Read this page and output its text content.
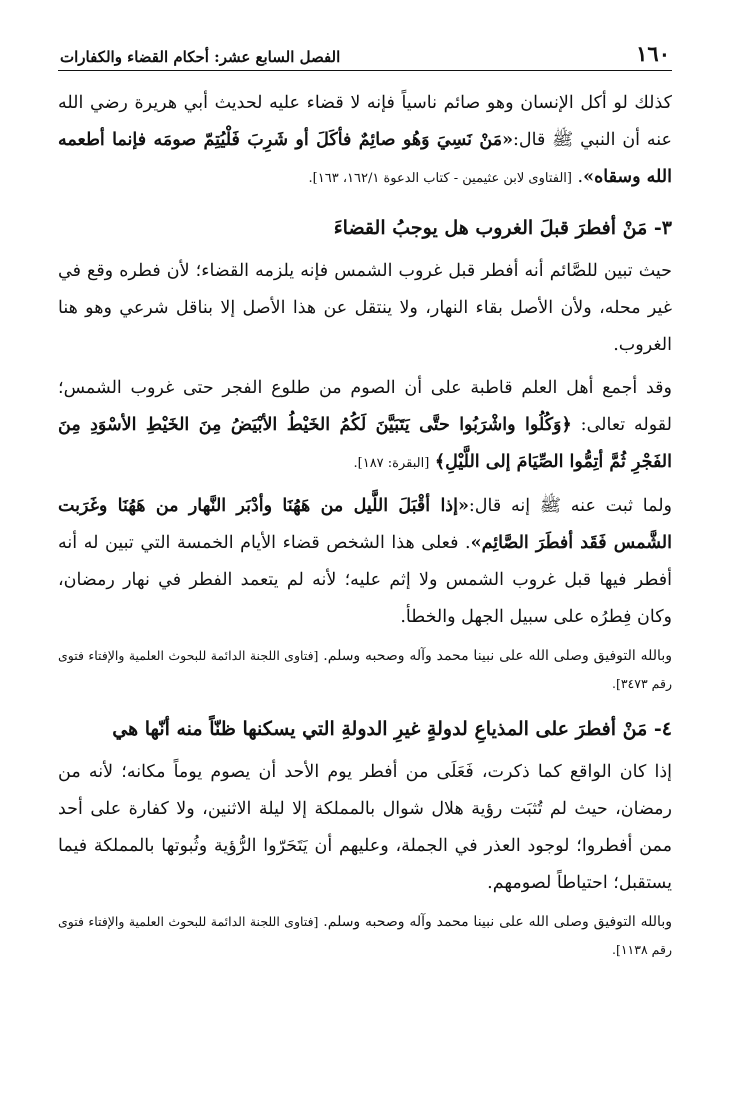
١٦٠
الفصل السابع عشر: أحكام القضاء والكفارات

كذلك لو أكل الإنسان وهو صائم ناسياً فإنه لا قضاء عليه لحديث أبي هريرة رضي الله عنه أن النبي ﷺ قال:«مَنْ نَسِيَ وَهُو صائِمٌ فأكَلَ أو شَرِبَ فَلْيُتِمّ صومَه فإنما أطعمه الله وسقاه». [الفتاوى لابن عثيمين - كتاب الدعوة ١٦٢/١، ١٦٣].

٣- مَنْ أفطرَ قبلَ الغروب هل يوجبُ القضاءَ

حيث تبين للصَّائم أنه أفطر قبل غروب الشمس فإنه يلزمه القضاء؛ لأن فطره وقع في غير محله، ولأن الأصل بقاء النهار، ولا ينتقل عن هذا الأصل إلا بناقل شرعي وهو هنا الغروب.

وقد أجمع أهل العلم قاطبة على أن الصوم من طلوع الفجر حتى غروب الشمس؛ لقوله تعالى: ﴿وَكُلُوا واشْرَبُوا حتَّى يَتَبَيَّنَ لَكُمُ الخَيْطُ الأبْيَضُ مِنَ الخَيْطِ الأسْوَدِ مِنَ الفَجْرِ ثُمَّ أتِمُّوا الصِّيَامَ إلى اللَّيْلِ﴾ [البقرة: ١٨٧].

ولما ثبت عنه ﷺ إنه قال:«إذا أقْبَلَ اللَّيل من هَهُنَا وأدْبَر النَّهار من هَهُنَا وغَرَبت الشَّمس فَقَد أفطَرَ الصَّائِم». فعلى هذا الشخص قضاء الأيام الخمسة التي تبين له أنه أفطر فيها قبل غروب الشمس ولا إثم عليه؛ لأنه لم يتعمد الفطر في نهار رمضان، وكان فِطرُه على سبيل الجهل والخطأ.

وبالله التوفيق وصلى الله على نبينا محمد وآله وصحبه وسلم. [فتاوى اللجنة الدائمة للبحوث العلمية والإفتاء فتوى رقم ٣٤٧٣].

٤- مَنْ أفطرَ على المذياعِ لدولةٍ غيرِ الدولةِ التي يسكنها ظنّاً منه أنّها هي

إذا كان الواقع كما ذكرت، فَعَلَى من أفطر يوم الأحد أن يصوم يوماً مكانه؛ لأنه من رمضان، حيث لم تُثبَت رؤية هلال شوال بالمملكة إلا ليلة الاثنين، ولا كفارة على أحد ممن أفطروا؛ لوجود العذر في الجملة، وعليهم أن يَتَحَرّوا الرُّؤية وثُبوتها بالمملكة فيما يستقبل؛ احتياطاً لصومهم.

وبالله التوفيق وصلى الله على نبينا محمد وآله وصحبه وسلم. [فتاوى اللجنة الدائمة للبحوث العلمية والإفتاء فتوى رقم ١١٣٨].
